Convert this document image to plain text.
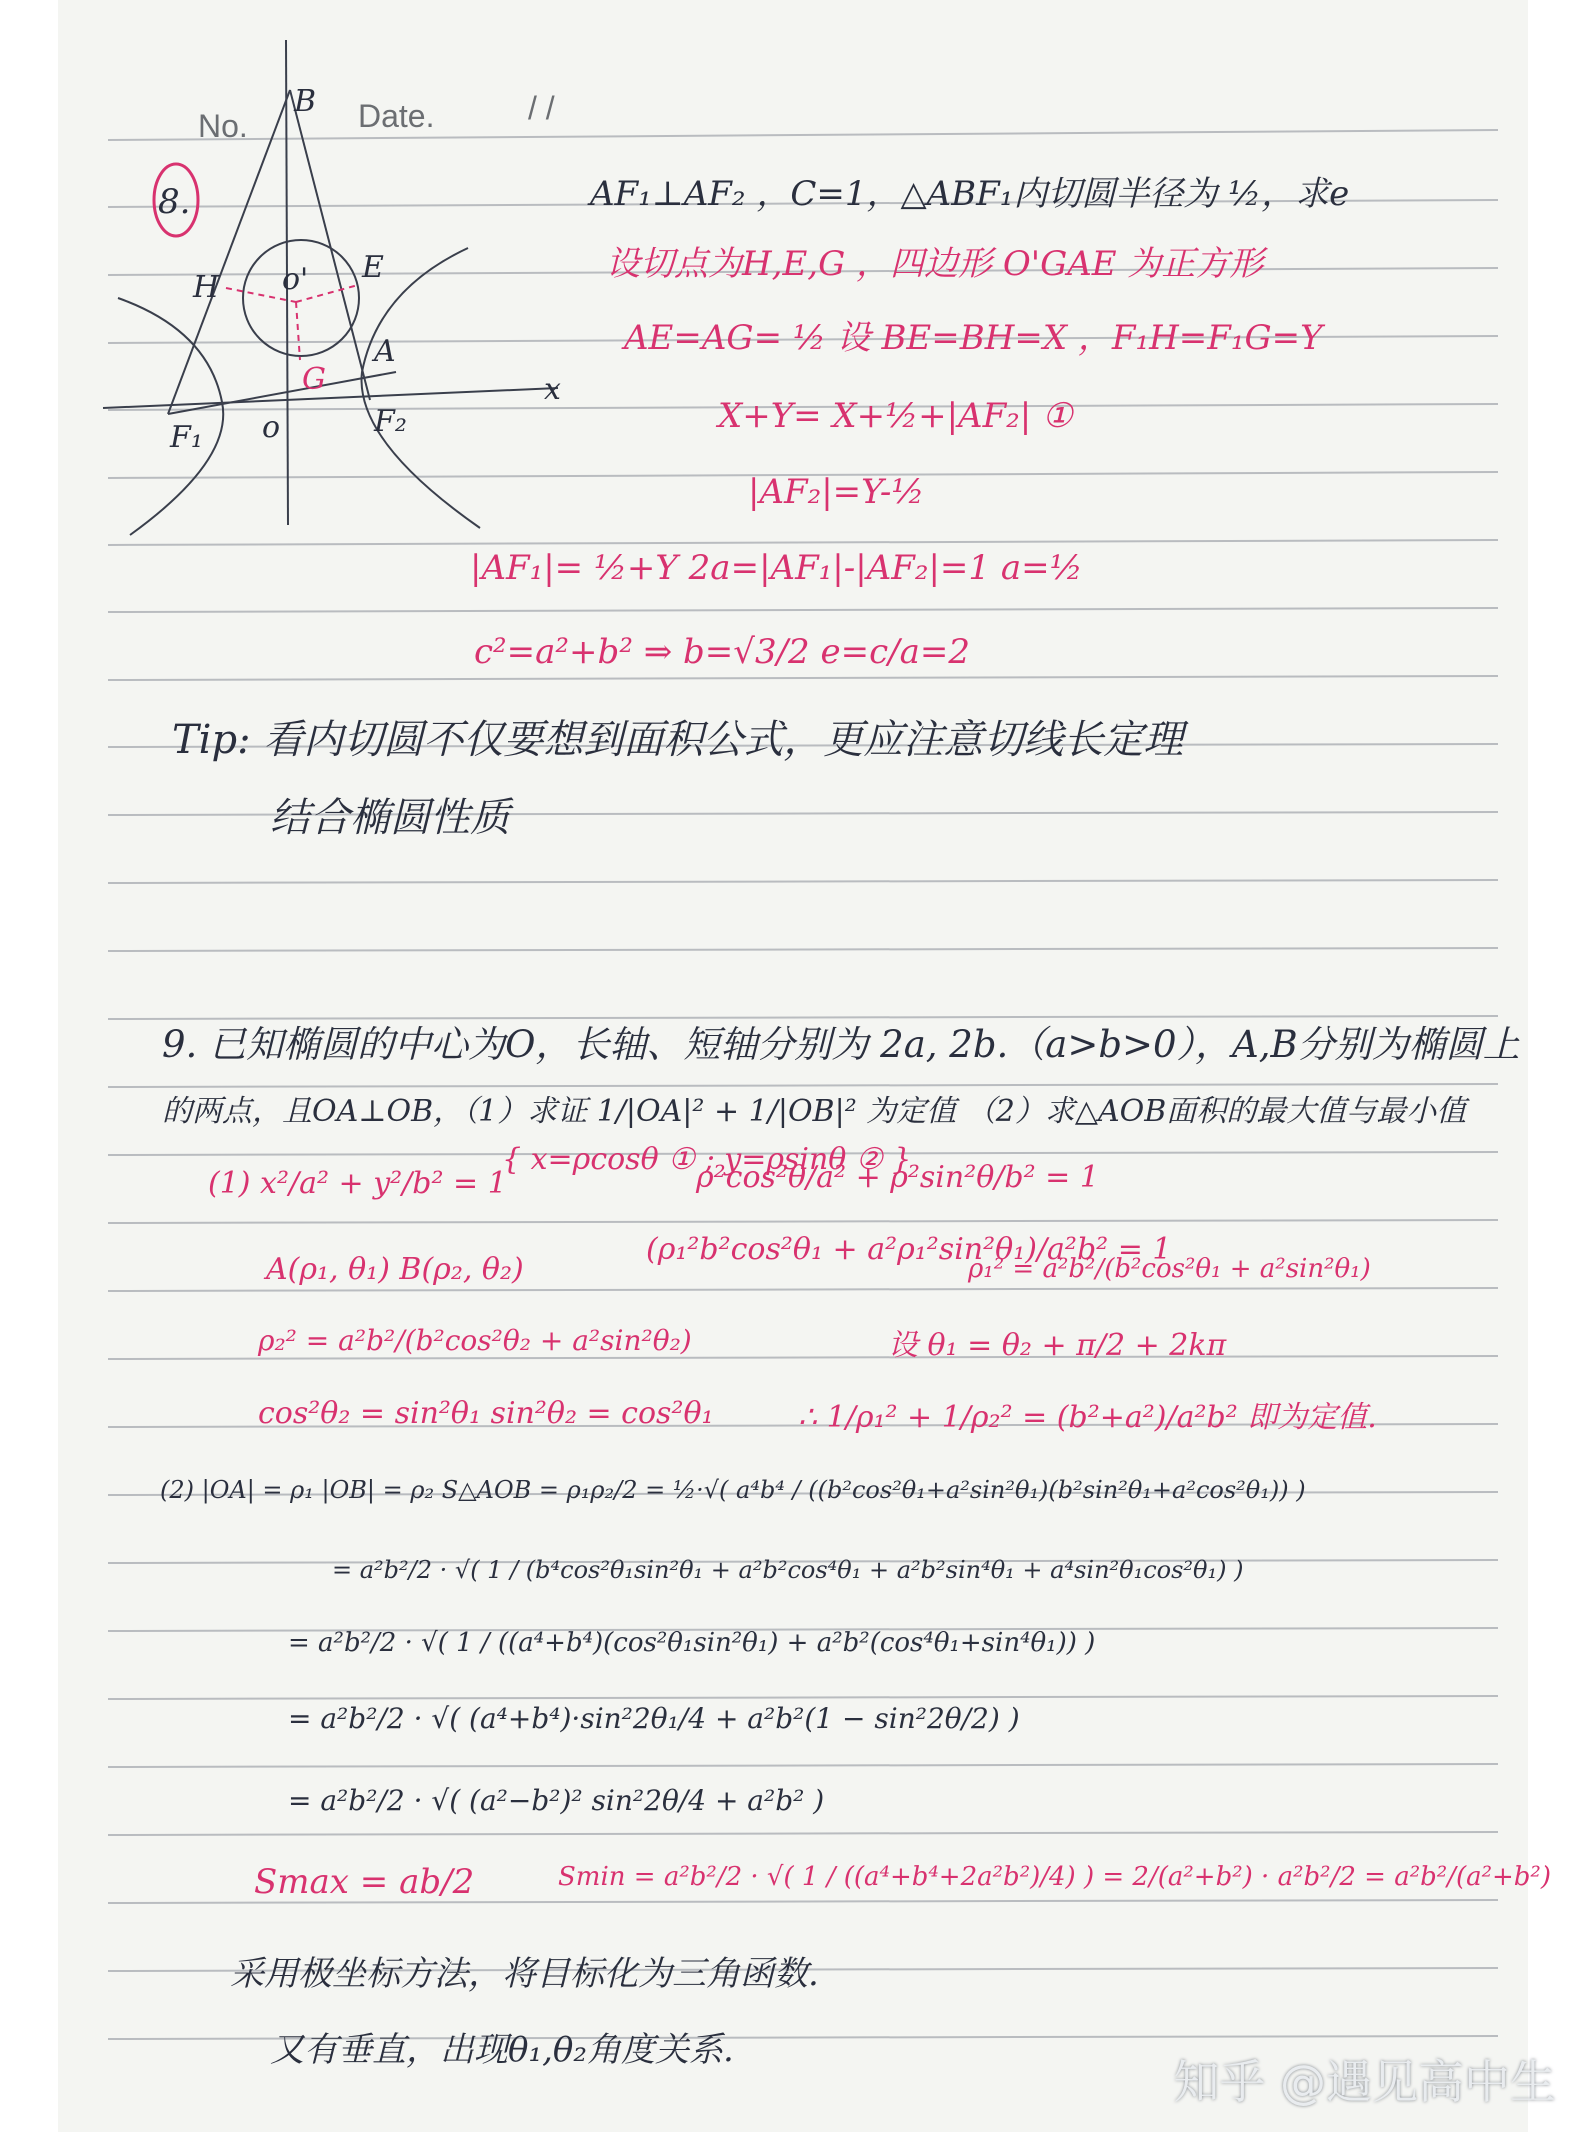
No.	Date.	/ /
8.
B
H
E
o'
G
A
F₁	F₂
o
x
AF₁⊥AF₂ ，C=1，△ABF₁内切圆半径为 ½，求e
设切点为H,E,G ，四边形 O'GAE 为正方形
AE=AG= ½ 设 BE=BH=X ，F₁H=F₁G=Y
X+Y= X+½+|AF₂| ①
|AF₂|=Y-½
|AF₁|= ½+Y 2a=|AF₁|-|AF₂|=1 a=½
c²=a²+b² ⇒ b=√3/2 e=c/a=2
Tip: 看内切圆不仅要想到面积公式，更应注意切线长定理
结合椭圆性质
9. 已知椭圆的中心为O，长轴、短轴分别为 2a, 2b.（a>b>0），A,B分别为椭圆上
的两点，且OA⊥OB，（1）求证 1/|OA|² + 1/|OB|² 为定值 （2）求△AOB面积的最大值与最小值
(1) x²/a² + y²/b² = 1
{ x=ρcosθ ① ; y=ρsinθ ② }
ρ²cos²θ/a² + ρ²sin²θ/b² = 1
A(ρ₁, θ₁) B(ρ₂, θ₂)
(ρ₁²b²cos²θ₁ + a²ρ₁²sin²θ₁)/a²b² = 1
ρ₁² = a²b²/(b²cos²θ₁ + a²sin²θ₁)
ρ₂² = a²b²/(b²cos²θ₂ + a²sin²θ₂)	设 θ₁ = θ₂ + π/2 + 2kπ
cos²θ₂ = sin²θ₁ sin²θ₂ = cos²θ₁	∴ 1/ρ₁² + 1/ρ₂² = (b²+a²)/a²b² 即为定值.
(2) |OA| = ρ₁ |OB| = ρ₂ S△AOB = ρ₁ρ₂/2 = ½·√( a⁴b⁴ / ((b²cos²θ₁+a²sin²θ₁)(b²sin²θ₁+a²cos²θ₁)) )
= a²b²/2 · √( 1 / (b⁴cos²θ₁sin²θ₁ + a²b²cos⁴θ₁ + a²b²sin⁴θ₁ + a⁴sin²θ₁cos²θ₁) )
= a²b²/2 · √( 1 / ((a⁴+b⁴)(cos²θ₁sin²θ₁) + a²b²(cos⁴θ₁+sin⁴θ₁)) )
= a²b²/2 · √( (a⁴+b⁴)·sin²2θ₁/4 + a²b²(1 − sin²2θ/2) )
= a²b²/2 · √( (a²−b²)² sin²2θ/4 + a²b² )
Smax = ab/2	Smin = a²b²/2 · √( 1 / ((a⁴+b⁴+2a²b²)/4) ) = 2/(a²+b²) · a²b²/2 = a²b²/(a²+b²)
采用极坐标方法，将目标化为三角函数.
又有垂直，出现θ₁,θ₂角度关系.
知乎 @遇见高中生
